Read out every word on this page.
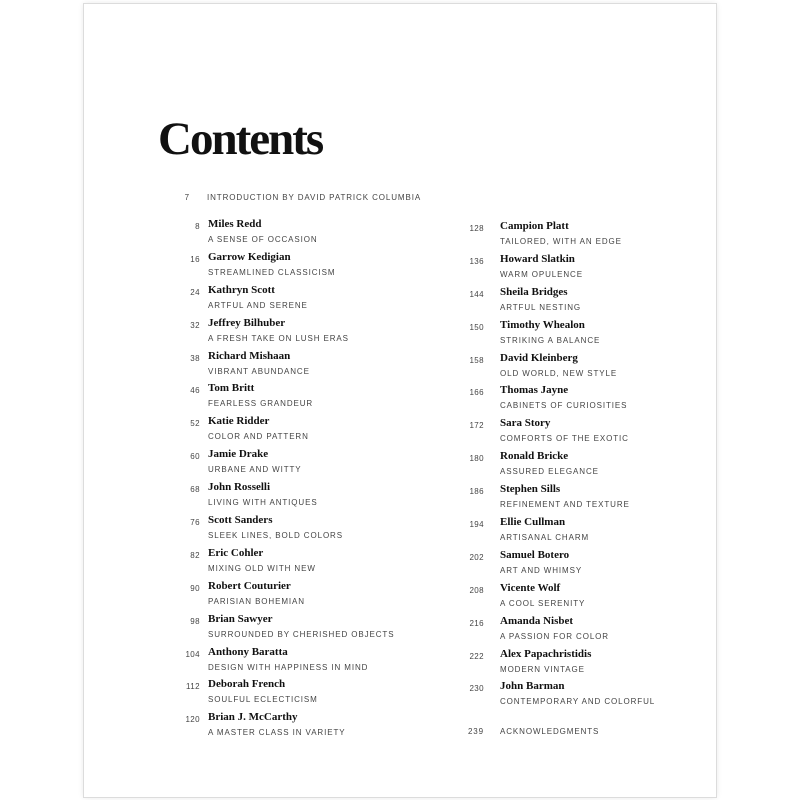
Contents
7 INTRODUCTION BY DAVID PATRICK COLUMBIA
8 Miles Redd
A SENSE OF OCCASION
16 Garrow Kedigian
STREAMLINED CLASSICISM
24 Kathryn Scott
ARTFUL AND SERENE
32 Jeffrey Bilhuber
A FRESH TAKE ON LUSH ERAS
38 Richard Mishaan
VIBRANT ABUNDANCE
46 Tom Britt
FEARLESS GRANDEUR
52 Katie Ridder
COLOR AND PATTERN
60 Jamie Drake
URBANE AND WITTY
68 John Rosselli
LIVING WITH ANTIQUES
76 Scott Sanders
SLEEK LINES, BOLD COLORS
82 Eric Cohler
MIXING OLD WITH NEW
90 Robert Couturier
PARISIAN BOHEMIAN
98 Brian Sawyer
SURROUNDED BY CHERISHED OBJECTS
104 Anthony Baratta
DESIGN WITH HAPPINESS IN MIND
112 Deborah French
SOULFUL ECLECTICISM
120 Brian J. McCarthy
A MASTER CLASS IN VARIETY
128 Campion Platt
TAILORED, WITH AN EDGE
136 Howard Slatkin
WARM OPULENCE
144 Sheila Bridges
ARTFUL NESTING
150 Timothy Whealon
STRIKING A BALANCE
158 David Kleinberg
OLD WORLD, NEW STYLE
166 Thomas Jayne
CABINETS OF CURIOSITIES
172 Sara Story
COMFORTS OF THE EXOTIC
180 Ronald Bricke
ASSURED ELEGANCE
186 Stephen Sills
REFINEMENT AND TEXTURE
194 Ellie Cullman
ARTISANAL CHARM
202 Samuel Botero
ART AND WHIMSY
208 Vicente Wolf
A COOL SERENITY
216 Amanda Nisbet
A PASSION FOR COLOR
222 Alex Papachristidis
MODERN VINTAGE
230 John Barman
CONTEMPORARY AND COLORFUL
239 ACKNOWLEDGMENTS
